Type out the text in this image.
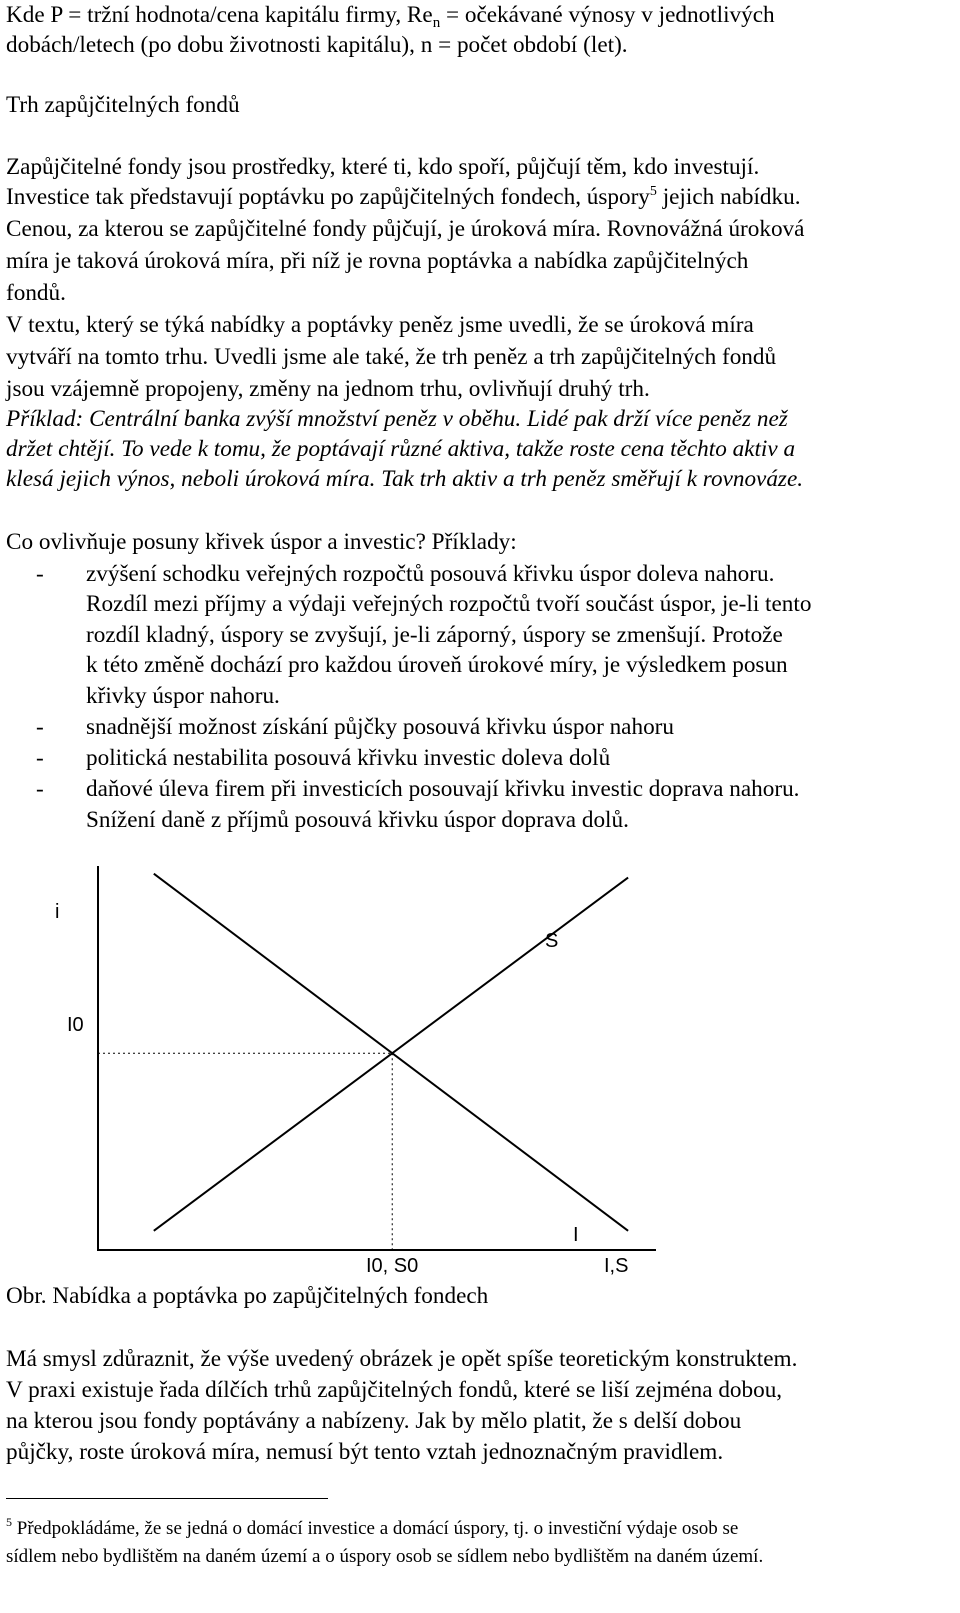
Kde P = tržní hodnota/cena kapitálu firmy, $Re_n$ = očekávané výnosy v jednotlivých
dobách/letech (po dobu životnosti kapitálu), n = počet období (let).
Trh zapůjčitelných fondů
Zapůjčitelné fondy jsou prostředky, které ti, kdo spoří, půjčují těm, kdo investují.
Investice tak představují poptávku po zapůjčitelných fondech, úspory$^5$ jejich nabídku.
Cenou, za kterou se zapůjčitelné fondy půjčují, je úroková míra. Rovnovážná úroková
míra je taková úroková míra, při níž je rovna poptávka a nabídka zapůjčitelných
fondů.
V textu, který se týká nabídky a poptávky peněz jsme uvedli, že se úroková míra
vytváří na tomto trhu. Uvedli jsme ale také, že trh peněz a trh zapůjčitelných fondů
jsou vzájemně propojeny, změny na jednom trhu, ovlivňují druhý trh.
Příklad: Centrální banka zvýší množství peněz v oběhu. Lidé pak drží více peněz než
držet chtějí. To vede k tomu, že poptávají různé aktiva, takže roste cena těchto aktiv a
klesá jejich výnos, neboli úroková míra. Tak trh aktiv a trh peněz směřují k rovnováze.
Co ovlivňuje posuny křivek úspor a investic? Příklady:
- zvýšení schodku veřejných rozpočtů posouvá křivku úspor doleva nahoru.
Rozdíl mezi příjmy a výdaji veřejných rozpočtů tvoří součást úspor, je-li tento
rozdíl kladný, úspory se zvyšují, je-li záporný, úspory se zmenšují. Protože
k této změně dochází pro každou úroveň úrokové míry, je výsledkem posun
křivky úspor nahoru.
- snadnější možnost získání půjčky posouvá křivku úspor nahoru
- politická nestabilita posouvá křivku investic doleva dolů
- daňové úleva firem při investicích posouvají křivku investic doprava nahoru.
Snížení daně z příjmů posouvá křivku úspor doprava dolů.
i
S
I0
I
I0, S0	I,S
Obr. Nabídka a poptávka po zapůjčitelných fondech
Má smysl zdůraznit, že výše uvedený obrázek je opět spíše teoretickým konstruktem.
V praxi existuje řada dílčích trhů zapůjčitelných fondů, které se liší zejména dobou,
na kterou jsou fondy poptávány a nabízeny. Jak by mělo platit, že s delší dobou
půjčky, roste úroková míra, nemusí být tento vztah jednoznačným pravidlem.
$^5$ Předpokládáme, že se jedná o domácí investice a domácí úspory, tj. o investiční výdaje osob se
sídlem nebo bydlištěm na daném území a o úspory osob se sídlem nebo bydlištěm na daném území.
